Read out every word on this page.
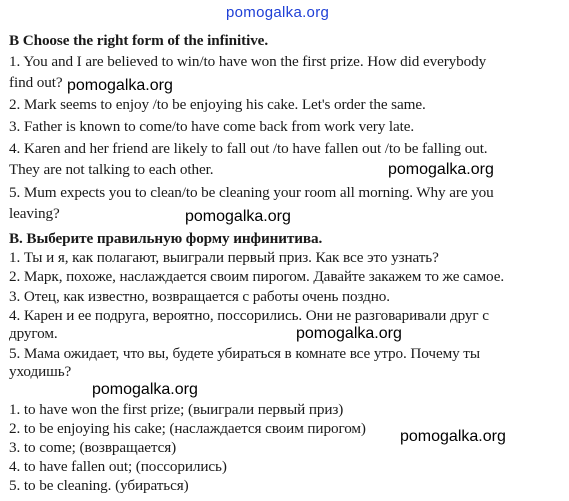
B Choose the right form of the infinitive.

1. You and I are believed to win/to have won the first prize. How did everybody

find out?

2. Mark seems to enjoy /to be enjoying his cake. Let's order the same.

3. Father is known to come/to have come back from work very late.

4. Karen and her friend are likely to fall out /to have fallen out /to be falling out.

They are not talking to each other.

5. Mum expects you to clean/to be cleaning your room all morning. Why are you

leaving?

B. Выберите правильную форму инфинитива.

1. Ты и я, как полагают, выиграли первый приз. Как все это узнать?

2. Марк, похоже, наслаждается своим пирогом. Давайте закажем то же самое.

3. Отец, как известно, возвращается с работы очень поздно.

4. Карен и ее подруга, вероятно, поссорились. Они не разговаривали друг с

другом.

5. Мама ожидает, что вы, будете убираться в комнате все утро. Почему ты

уходишь?

1. to have won the first prize; (выиграли первый приз)

2. to be enjoying his cake; (наслаждается своим пирогом)

3. to come; (возвращается)

4. to have fallen out; (поссорились)

5. to be cleaning. (убираться)

pomogalka.org

pomogalka.org

pomogalka.org

pomogalka.org

pomogalka.org

pomogalka.org

pomogalka.org
